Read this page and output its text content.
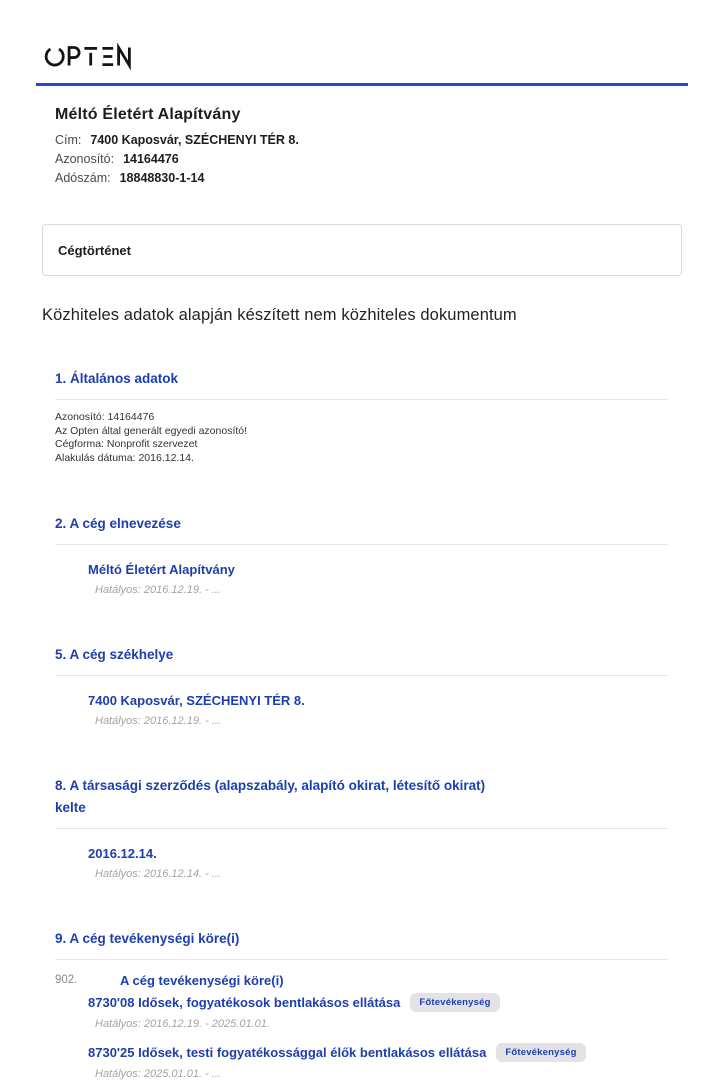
Méltó Életért Alapítvány
Cím: 7400 Kaposvár, SZÉCHENYI TÉR 8.
Azonosító: 14164476
Adószám: 18848830-1-14
Cégtörténet
Közhiteles adatok alapján készített nem közhiteles dokumentum
1. Általános adatok
Azonosító: 14164476
Az Opten által generált egyedi azonosító!
Cégforma: Nonprofit szervezet
Alakulás dátuma: 2016.12.14.
2. A cég elnevezése
Méltó Életért Alapítvány
Hatályos: 2016.12.19. - ...
5. A cég székhelye
7400 Kaposvár, SZÉCHENYI TÉR 8.
Hatályos: 2016.12.19. - ...
8. A társasági szerződés (alapszabály, alapító okirat, létesítő okirat) kelte
2016.12.14.
Hatályos: 2016.12.14. - ...
9. A cég tevékenységi köre(i)
902.	A cég tevékenységi köre(i)
8730'08 Idősek, fogyatékosok bentlakásos ellátása Főtevékenység
Hatályos: 2016.12.19. - 2025.01.01.
8730'25 Idősek, testi fogyatékossággal élők bentlakásos ellátása Főtevékenység
Hatályos: 2025.01.01. - ...
